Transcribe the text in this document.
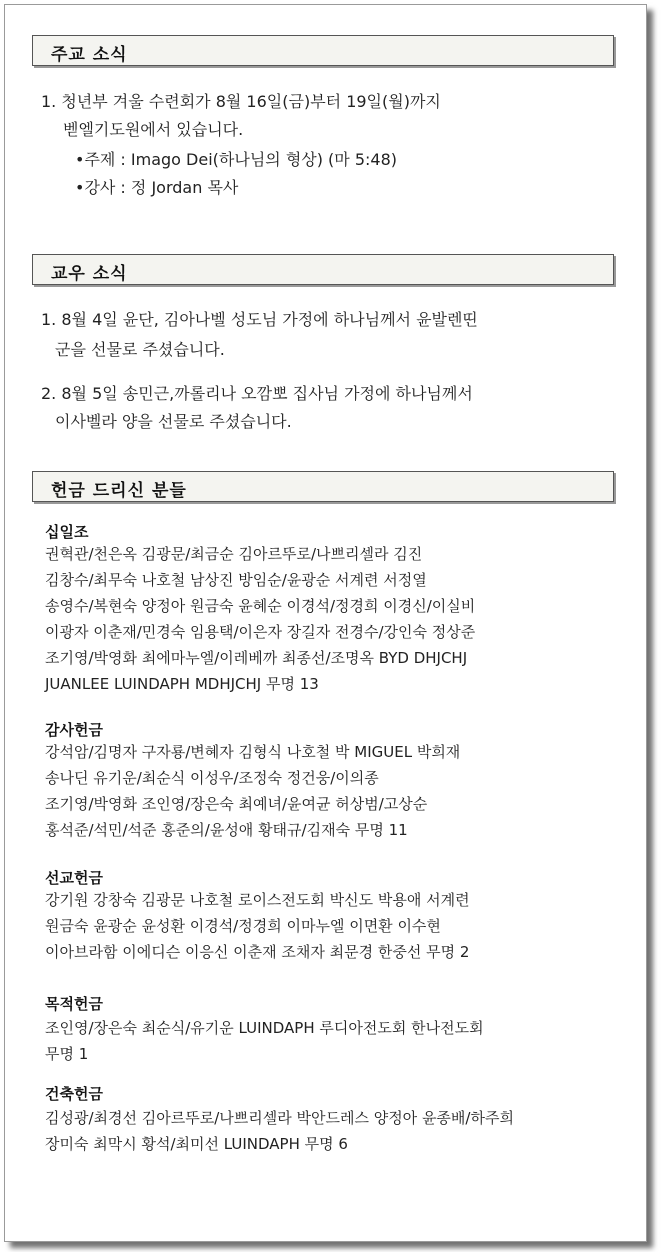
주교 소식
1. 청년부 겨울 수련회가 8월 16일(금)부터 19일(월)까지
벧엘기도원에서 있습니다.
•주제 : Imago Dei(하나님의 형상) (마 5:48)
•강사 : 정 Jordan 목사
교우 소식
1. 8월 4일 윤단, 김아나벨 성도님 가정에 하나님께서 윤발렌띤
군을 선물로 주셨습니다.
2. 8월 5일 송민근,까롤리나 오깜뽀 집사님 가정에 하나님께서
이사벨라 양을 선물로 주셨습니다.
헌금 드리신 분들
십일조
권혁관/천은옥 김광문/최금순 김아르뚜로/나쁘리셀라 김진
김창수/최무숙 나호철 남상진 방임순/윤광순 서계련 서정열
송영수/복현숙 양정아 원금숙 윤혜순 이경석/정경희 이경신/이실비
이광자 이춘재/민경숙 임용택/이은자 장길자 전경수/강인숙 정상준
조기영/박영화 최에마누엘/이레베까 최종선/조명옥 BYD DHJCHJ
JUANLEE LUINDAPH MDHJCHJ 무명 13
감사헌금
강석암/김명자 구자룡/변혜자 김형식 나호철 박 MIGUEL 박희재
송나딘 유기운/최순식 이성우/조정숙 정건웅/이의종
조기영/박영화 조인영/장은숙 최예녀/윤여균 허상범/고상순
홍석준/석민/석준 홍준의/윤성애 황태규/김재숙 무명 11
선교헌금
강기원 강창숙 김광문 나호철 로이스전도회 박신도 박용애 서계련
원금숙 윤광순 윤성환 이경석/정경희 이마누엘 이면환 이수현
이아브라함 이에디슨 이응신 이춘재 조채자 최문경 한중선 무명 2
목적헌금
조인영/장은숙 최순식/유기운 LUINDAPH 루디아전도회 한나전도회
무명 1
건축헌금
김성광/최경선 김아르뚜로/나쁘리셀라 박안드레스 양정아 윤종배/하주희
장미숙 최막시 황석/최미선 LUINDAPH 무명 6
